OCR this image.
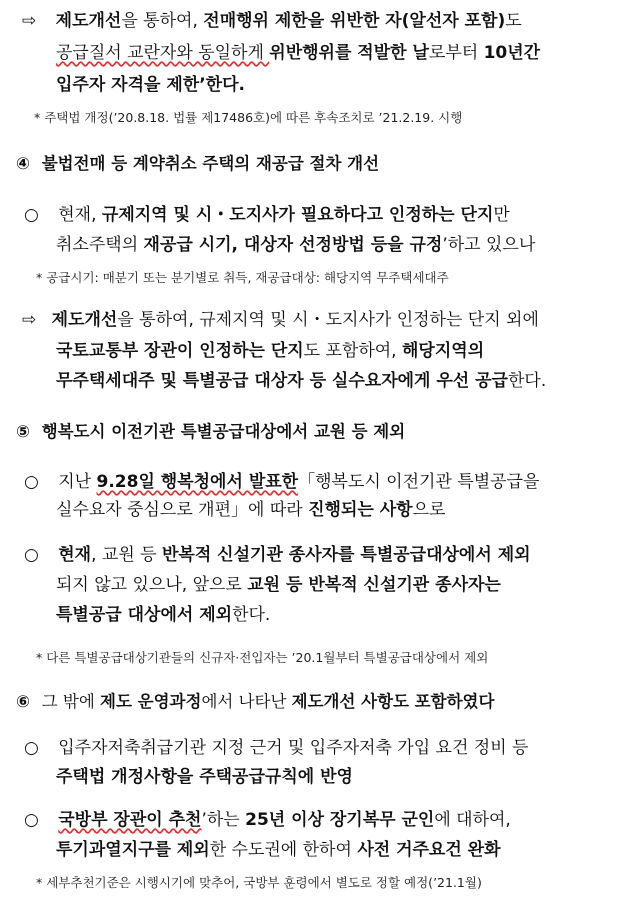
⇨ 제도개선을 통하여, 전매행위 제한을 위반한 자(알선자 포함)도
공급질서 교란자와 동일하게 위반행위를 적발한 날로부터 10년간
입주자 자격을 제한’한다.
* 주택법 개정(’20.8.18. 법률 제17486호)에 따른 후속조치로 ’21.2.19. 시행
④ 불법전매 등 계약취소 주택의 재공급 절차 개선
○ 현재, 규제지역 및 시・도지사가 필요하다고 인정하는 단지만
취소주택의 재공급 시기, 대상자 선정방법 등을 규정’하고 있으나
* 공급시기: 매분기 또는 분기별로 취득, 재공급대상: 해당지역 무주택세대주
⇨ 제도개선을 통하여, 규제지역 및 시・도지사가 인정하는 단지 외에
국토교통부 장관이 인정하는 단지도 포함하여, 해당지역의
무주택세대주 및 특별공급 대상자 등 실수요자에게 우선 공급한다.
⑤ 행복도시 이전기관 특별공급대상에서 교원 등 제외
○ 지난 9.28일 행복청에서 발표한「행복도시 이전기관 특별공급을
실수요자 중심으로 개편」에 따라 진행되는 사항으로
○ 현재, 교원 등 반복적 신설기관 종사자를 특별공급대상에서 제외
되지 않고 있으나, 앞으로 교원 등 반복적 신설기관 종사자는
특별공급 대상에서 제외한다.
* 다른 특별공급대상기관들의 신규자·전입자는 ’20.1월부터 특별공급대상에서 제외
⑥ 그 밖에 제도 운영과정에서 나타난 제도개선 사항도 포함하였다
○ 입주자저축취급기관 지정 근거 및 입주자저축 가입 요건 정비 등
주택법 개정사항을 주택공급규칙에 반영
○ 국방부 장관이 추천’하는 25년 이상 장기복무 군인에 대하여,
투기과열지구를 제외한 수도권에 한하여 사전 거주요건 완화
* 세부추천기준은 시행시기에 맞추어, 국방부 훈령에서 별도로 정할 예정(’21.1월)
